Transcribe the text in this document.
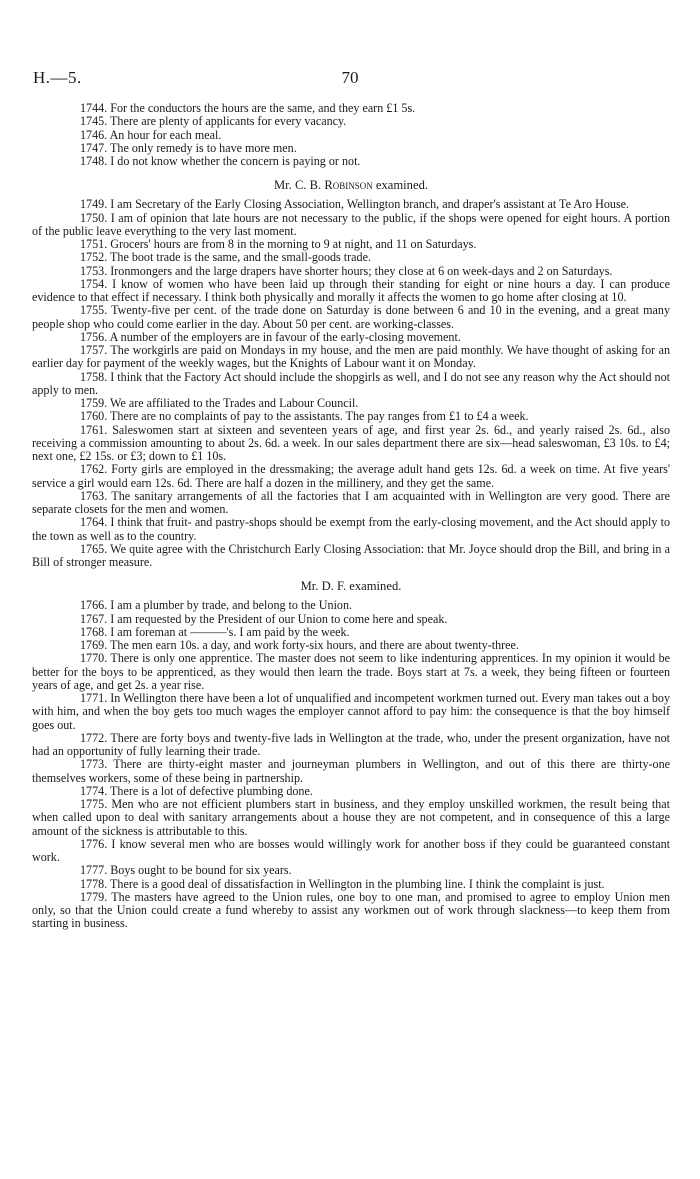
70
H.—5.

1744. For the conductors the hours are the same, and they earn £1 5s.

1745. There are plenty of applicants for every vacancy.

1746. An hour for each meal.

1747. The only remedy is to have more men.

1748. I do not know whether the concern is paying or not.

Mr. C. B. Robinson examined.

1749. I am Secretary of the Early Closing Association, Wellington branch, and draper's assistant at Te Aro House.

1750. I am of opinion that late hours are not necessary to the public, if the shops were opened for eight hours. A portion of the public leave everything to the very last moment.

1751. Grocers' hours are from 8 in the morning to 9 at night, and 11 on Saturdays.

1752. The boot trade is the same, and the small-goods trade.

1753. Ironmongers and the large drapers have shorter hours; they close at 6 on week-days and 2 on Saturdays.

1754. I know of women who have been laid up through their standing for eight or nine hours a day. I can produce evidence to that effect if necessary. I think both physically and morally it affects the women to go home after closing at 10.

1755. Twenty-five per cent. of the trade done on Saturday is done between 6 and 10 in the evening, and a great many people shop who could come earlier in the day. About 50 per cent. are working-classes.

1756. A number of the employers are in favour of the early-closing movement.

1757. The workgirls are paid on Mondays in my house, and the men are paid monthly. We have thought of asking for an earlier day for payment of the weekly wages, but the Knights of Labour want it on Monday.

1758. I think that the Factory Act should include the shopgirls as well, and I do not see any reason why the Act should not apply to men.

1759. We are affiliated to the Trades and Labour Council.

1760. There are no complaints of pay to the assistants. The pay ranges from £1 to £4 a week.

1761. Saleswomen start at sixteen and seventeen years of age, and first year 2s. 6d., and yearly raised 2s. 6d., also receiving a commission amounting to about 2s. 6d. a week. In our sales department there are six—head saleswoman, £3 10s. to £4; next one, £2 15s. or £3; down to £1 10s.

1762. Forty girls are employed in the dressmaking; the average adult hand gets 12s. 6d. a week on time. At five years' service a girl would earn 12s. 6d. There are half a dozen in the millinery, and they get the same.

1763. The sanitary arrangements of all the factories that I am acquainted with in Wellington are very good. There are separate closets for the men and women.

1764. I think that fruit- and pastry-shops should be exempt from the early-closing movement, and the Act should apply to the town as well as to the country.

1765. We quite agree with the Christchurch Early Closing Association: that Mr. Joyce should drop the Bill, and bring in a Bill of stronger measure.

Mr. D. F. examined.

1766. I am a plumber by trade, and belong to the Union.

1767. I am requested by the President of our Union to come here and speak.

1768. I am foreman at ———'s. I am paid by the week.

1769. The men earn 10s. a day, and work forty-six hours, and there are about twenty-three.

1770. There is only one apprentice. The master does not seem to like indenturing apprentices. In my opinion it would be better for the boys to be apprenticed, as they would then learn the trade. Boys start at 7s. a week, they being fifteen or fourteen years of age, and get 2s. a year rise.

1771. In Wellington there have been a lot of unqualified and incompetent workmen turned out. Every man takes out a boy with him, and when the boy gets too much wages the employer cannot afford to pay him: the consequence is that the boy himself goes out.

1772. There are forty boys and twenty-five lads in Wellington at the trade, who, under the present organization, have not had an opportunity of fully learning their trade.

1773. There are thirty-eight master and journeyman plumbers in Wellington, and out of this there are thirty-one themselves workers, some of these being in partnership.

1774. There is a lot of defective plumbing done.

1775. Men who are not efficient plumbers start in business, and they employ unskilled workmen, the result being that when called upon to deal with sanitary arrangements about a house they are not competent, and in consequence of this a large amount of the sickness is attributable to this.

1776. I know several men who are bosses would willingly work for another boss if they could be guaranteed constant work.

1777. Boys ought to be bound for six years.

1778. There is a good deal of dissatisfaction in Wellington in the plumbing line. I think the complaint is just.

1779. The masters have agreed to the Union rules, one boy to one man, and promised to agree to employ Union men only, so that the Union could create a fund whereby to assist any workmen out of work through slackness—to keep them from starting in business.
